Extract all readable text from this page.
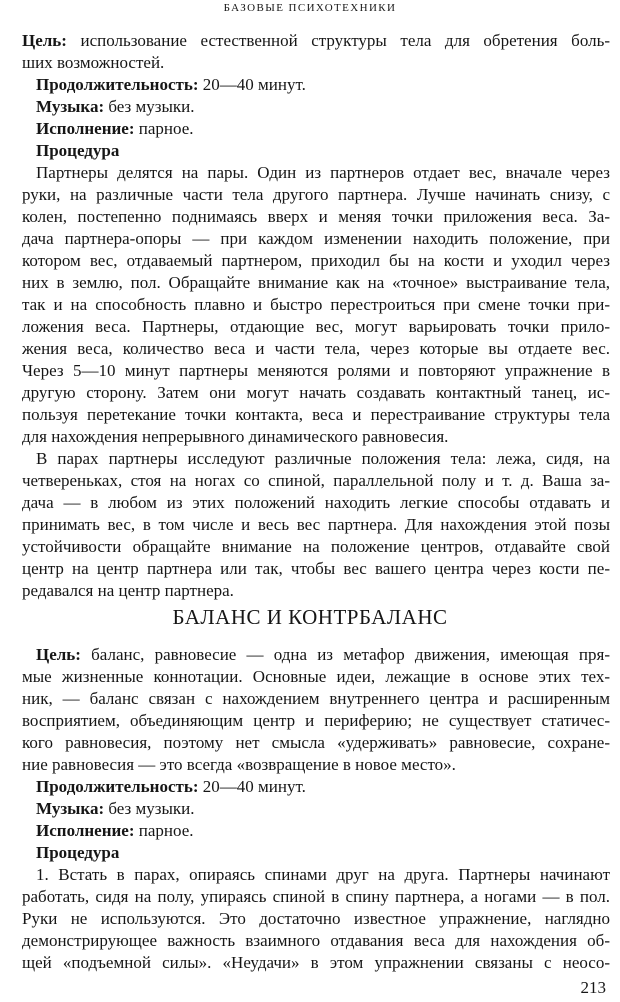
БАЗОВЫЕ ПСИХОТЕХНИКИ
Цель: использование естественной структуры тела для обретения боль-
ших возможностей.
Продолжительность: 20—40 минут.
Музыка: без музыки.
Исполнение: парное.
Процедура
Партнеры делятся на пары. Один из партнеров отдает вес, вначале через
руки, на различные части тела другого партнера. Лучше начинать снизу, с
колен, постепенно поднимаясь вверх и меняя точки приложения веса. За-
дача партнера-опоры — при каждом изменении находить положение, при
котором вес, отдаваемый партнером, приходил бы на кости и уходил через
них в землю, пол. Обращайте внимание как на «точное» выстраивание тела,
так и на способность плавно и быстро перестроиться при смене точки при-
ложения веса. Партнеры, отдающие вес, могут варьировать точки прило-
жения веса, количество веса и части тела, через которые вы отдаете вес.
Через 5—10 минут партнеры меняются ролями и повторяют упражнение в
другую сторону. Затем они могут начать создавать контактный танец, ис-
пользуя перетекание точки контакта, веса и перестраивание структуры тела
для нахождения непрерывного динамического равновесия.
В парах партнеры исследуют различные положения тела: лежа, сидя, на
четвереньках, стоя на ногах со спиной, параллельной полу и т. д. Ваша за-
дача — в любом из этих положений находить легкие способы отдавать и
принимать вес, в том числе и весь вес партнера. Для нахождения этой позы
устойчивости обращайте внимание на положение центров, отдавайте свой
центр на центр партнера или так, чтобы вес вашего центра через кости пе-
редавался на центр партнера.
БАЛАНС И КОНТРБАЛАНС
Цель: баланс, равновесие — одна из метафор движения, имеющая пря-
мые жизненные коннотации. Основные идеи, лежащие в основе этих тех-
ник, — баланс связан с нахождением внутреннего центра и расширенным
восприятием, объединяющим центр и периферию; не существует статичес-
кого равновесия, поэтому нет смысла «удерживать» равновесие, сохране-
ние равновесия — это всегда «возвращение в новое место».
Продолжительность: 20—40 минут.
Музыка: без музыки.
Исполнение: парное.
Процедура
1. Встать в парах, опираясь спинами друг на друга. Партнеры начинают
работать, сидя на полу, упираясь спиной в спину партнера, а ногами — в пол.
Руки не используются. Это достаточно известное упражнение, наглядно
демонстрирующее важность взаимного отдавания веса для нахождения об-
щей «подъемной силы». «Неудачи» в этом упражнении связаны с неосо-
213
